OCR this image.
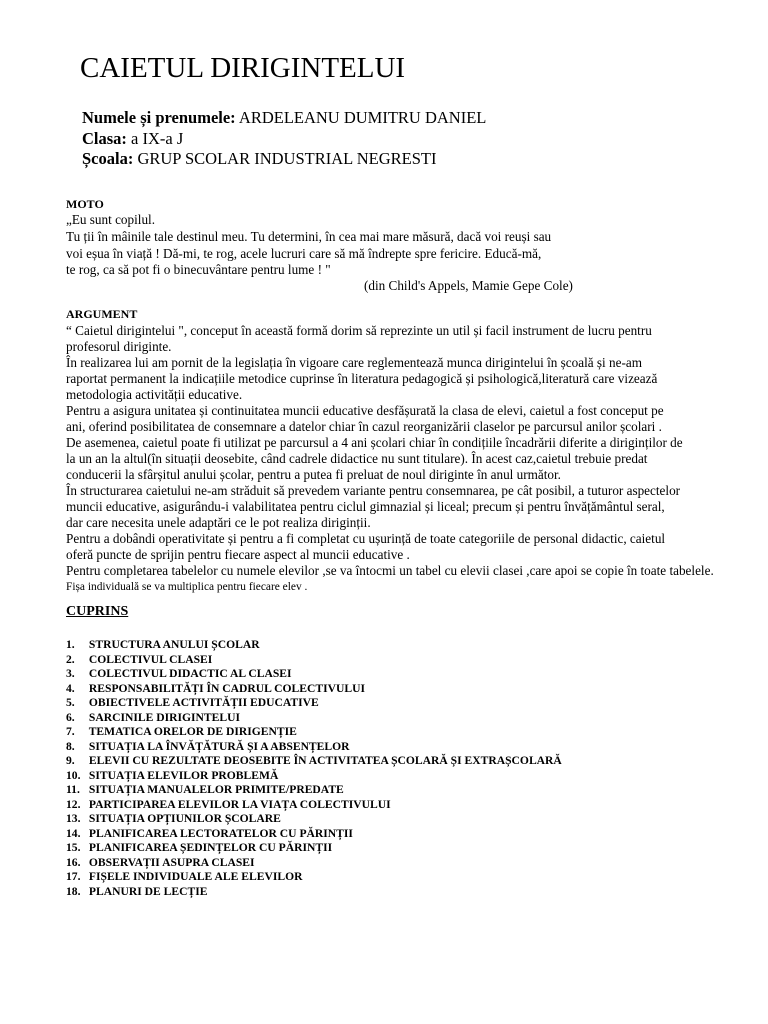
CAIETUL DIRIGINTELUI
Numele și prenumele: ARDELEANU DUMITRU DANIEL
Clasa: a IX-a J
Școala: GRUP SCOLAR INDUSTRIAL NEGRESTI
MOTO
„Eu sunt copilul.
Tu ții în mâinile tale destinul meu. Tu determini, în cea mai mare măsură, dacă voi reuși sau
voi eșua în viață ! Dă-mi, te rog, acele lucruri care să mă îndrepte spre fericire. Educă-mă,
te rog, ca să pot fi o binecuvântare pentru lume ! "
(din Child's Appels, Mamie Gepe Cole)
ARGUMENT
“ Caietul dirigintelui ", conceput în această formă dorim să reprezinte un util și facil instrument de lucru pentru
profesorul diriginte.
În realizarea lui am pornit de la legislația în vigoare care reglementează munca dirigintelui în școală și ne-am
raportat permanent la indicațiile metodice cuprinse în literatura pedagogică și psihologică,literatură care vizează
metodologia activității educative.
Pentru a asigura unitatea și continuitatea muncii educative desfășurată la clasa de elevi, caietul a fost conceput pe
ani, oferind posibilitatea de consemnare a datelor chiar în cazul reorganizării claselor pe parcursul anilor școlari .
De asemenea, caietul poate fi utilizat pe parcursul a 4 ani școlari chiar în condițiile încadrării diferite a diriginților de
la un an la altul(în situații deosebite, când cadrele didactice nu sunt titulare). În acest caz,caietul trebuie predat
conducerii la sfârșitul anului școlar, pentru a putea fi preluat de noul diriginte în anul următor.
În structurarea caietului ne-am străduit să prevedem variante pentru consemnarea, pe cât posibil, a tuturor aspectelor
muncii educative, asigurându-i valabilitatea pentru ciclul gimnazial și liceal; precum și pentru învățământul seral,
dar care necesita unele adaptări ce le pot realiza diriginții.
Pentru a dobândi operativitate și pentru a fi completat cu ușurință de toate categoriile de personal didactic, caietul
oferă puncte de sprijin pentru fiecare aspect al muncii educative .
Pentru completarea tabelelor cu numele elevilor ,se va întocmi un tabel cu elevii clasei ,care apoi se copie în toate tabelele.
Fișa individuală se va multiplica pentru fiecare elev .
CUPRINS
1. STRUCTURA ANULUI ȘCOLAR
2. COLECTIVUL CLASEI
3. COLECTIVUL DIDACTIC AL CLASEI
4. RESPONSABILITĂȚI ÎN CADRUL COLECTIVULUI
5. OBIECTIVELE ACTIVITĂȚII EDUCATIVE
6. SARCINILE DIRIGINTELUI
7. TEMATICA ORELOR DE DIRIGENȚIE
8. SITUAȚIA LA ÎNVĂȚĂTURĂ ȘI A ABSENȚELOR
9. ELEVII CU REZULTATE DEOSEBITE ÎN ACTIVITATEA ȘCOLARĂ ȘI EXTRAȘCOLARĂ
10. SITUAȚIA ELEVILOR PROBLEMĂ
11. SITUAȚIA MANUALELOR PRIMITE/PREDATE
12. PARTICIPAREA ELEVILOR LA VIAȚA COLECTIVULUI
13. SITUAȚIA OPȚIUNILOR ȘCOLARE
14. PLANIFICAREA LECTORATELOR CU PĂRINȚII
15. PLANIFICAREA ȘEDINȚELOR CU PĂRINȚII
16. OBSERVAȚII ASUPRA CLASEI
17. FIȘELE INDIVIDUALE ALE ELEVILOR
18. PLANURI DE LECȚIE
